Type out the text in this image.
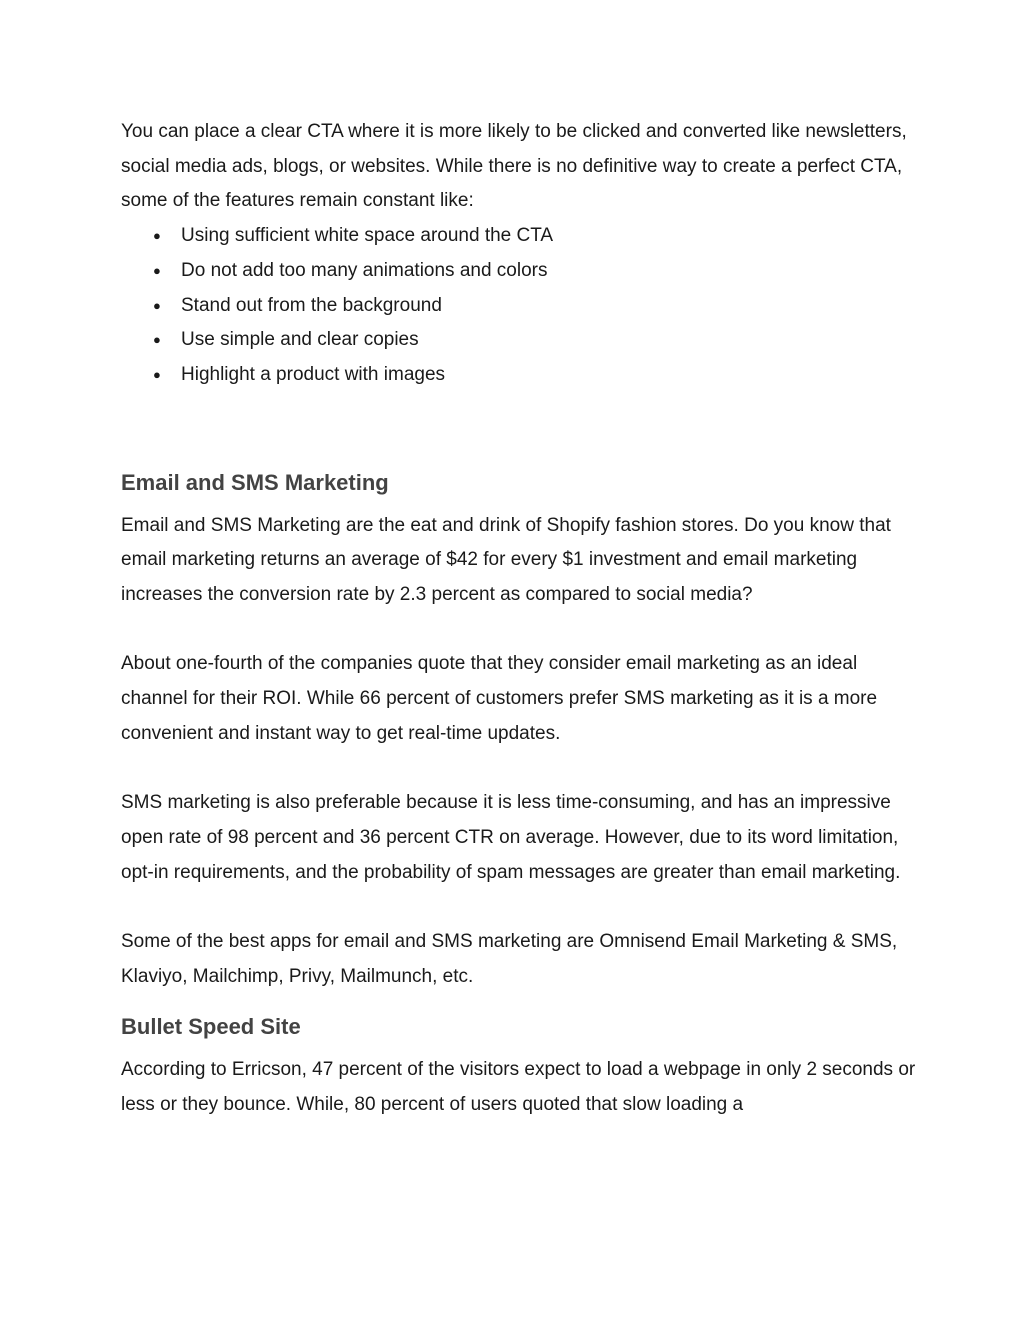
You can place a clear CTA where it is more likely to be clicked and converted like newsletters, social media ads, blogs, or websites. While there is no definitive way to create a perfect CTA, some of the features remain constant like:

● Using sufficient white space around the CTA
● Do not add too many animations and colors
● Stand out from the background
● Use simple and clear copies
● Highlight a product with images
Email and SMS Marketing

Email and SMS Marketing are the eat and drink of Shopify fashion stores. Do you know that email marketing returns an average of $42 for every $1 investment and email marketing increases the conversion rate by 2.3 percent as compared to social media?

About one-fourth of the companies quote that they consider email marketing as an ideal channel for their ROI. While 66 percent of customers prefer SMS marketing as it is a more convenient and instant way to get real-time updates.

SMS marketing is also preferable because it is less time-consuming, and has an impressive open rate of 98 percent and 36 percent CTR on average. However, due to its word limitation, opt-in requirements, and the probability of spam messages are greater than email marketing.

Some of the best apps for email and SMS marketing are Omnisend Email Marketing & SMS, Klaviyo, Mailchimp, Privy, Mailmunch, etc.

Bullet Speed Site

According to Erricson, 47 percent of the visitors expect to load a webpage in only 2 seconds or less or they bounce. While, 80 percent of users quoted that slow loading a
